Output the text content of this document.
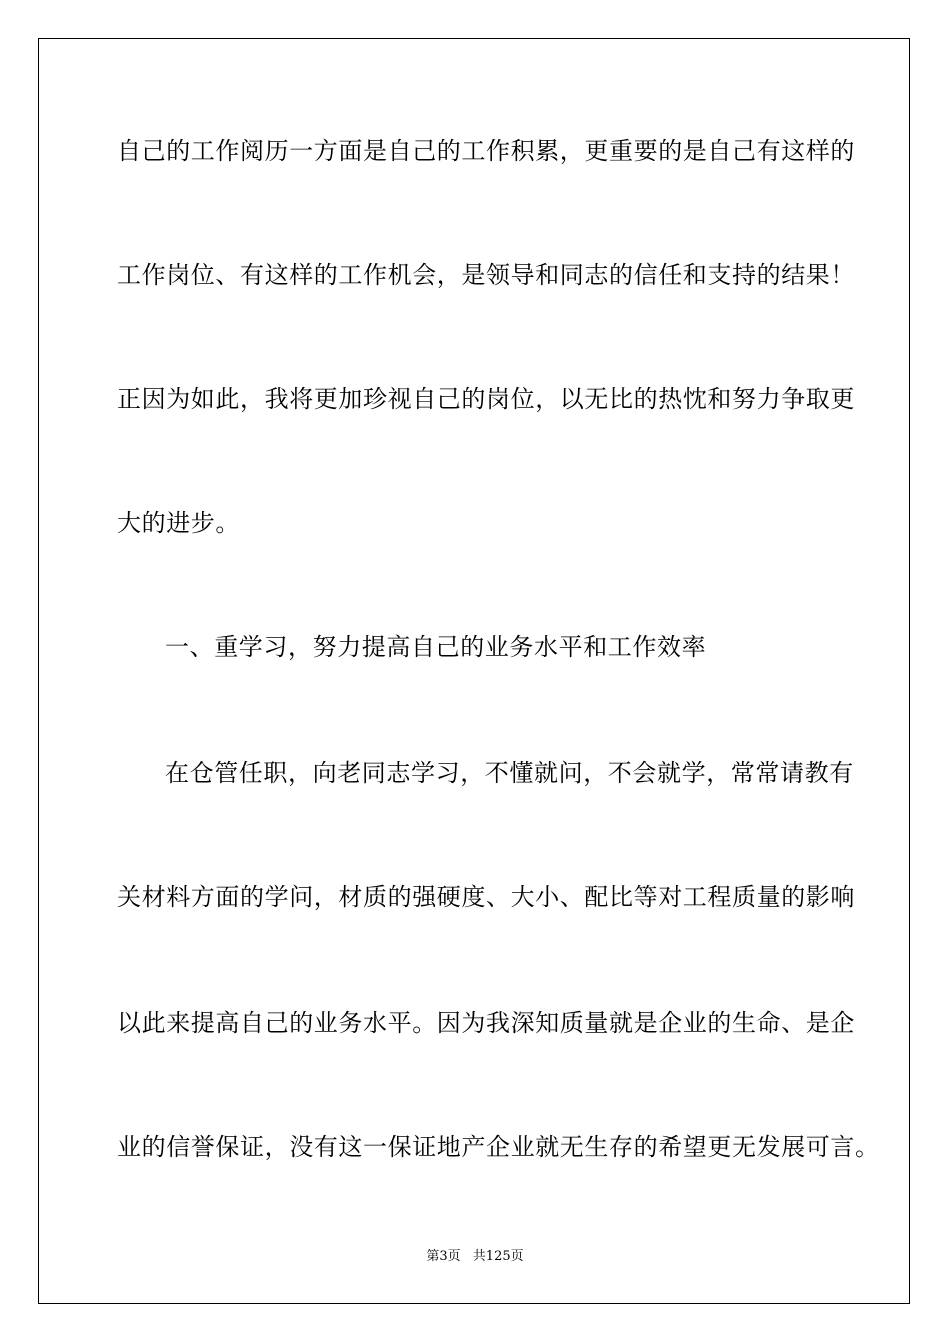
自己的工作阅历一方面是自己的工作积累，更重要的是自己有这样的
工作岗位、有这样的工作机会，是领导和同志的信任和支持的结果！
正因为如此，我将更加珍视自己的岗位，以无比的热忱和努力争取更
大的进步。
一、重学习，努力提高自己的业务水平和工作效率
在仓管任职，向老同志学习，不懂就问，不会就学，常常请教有
关材料方面的学问，材质的强硬度、大小、配比等对工程质量的影响
以此来提高自己的业务水平。因为我深知质量就是企业的生命、是企
业的信誉保证，没有这一保证地产企业就无生存的希望更无发展可言。
第3页 共125页
